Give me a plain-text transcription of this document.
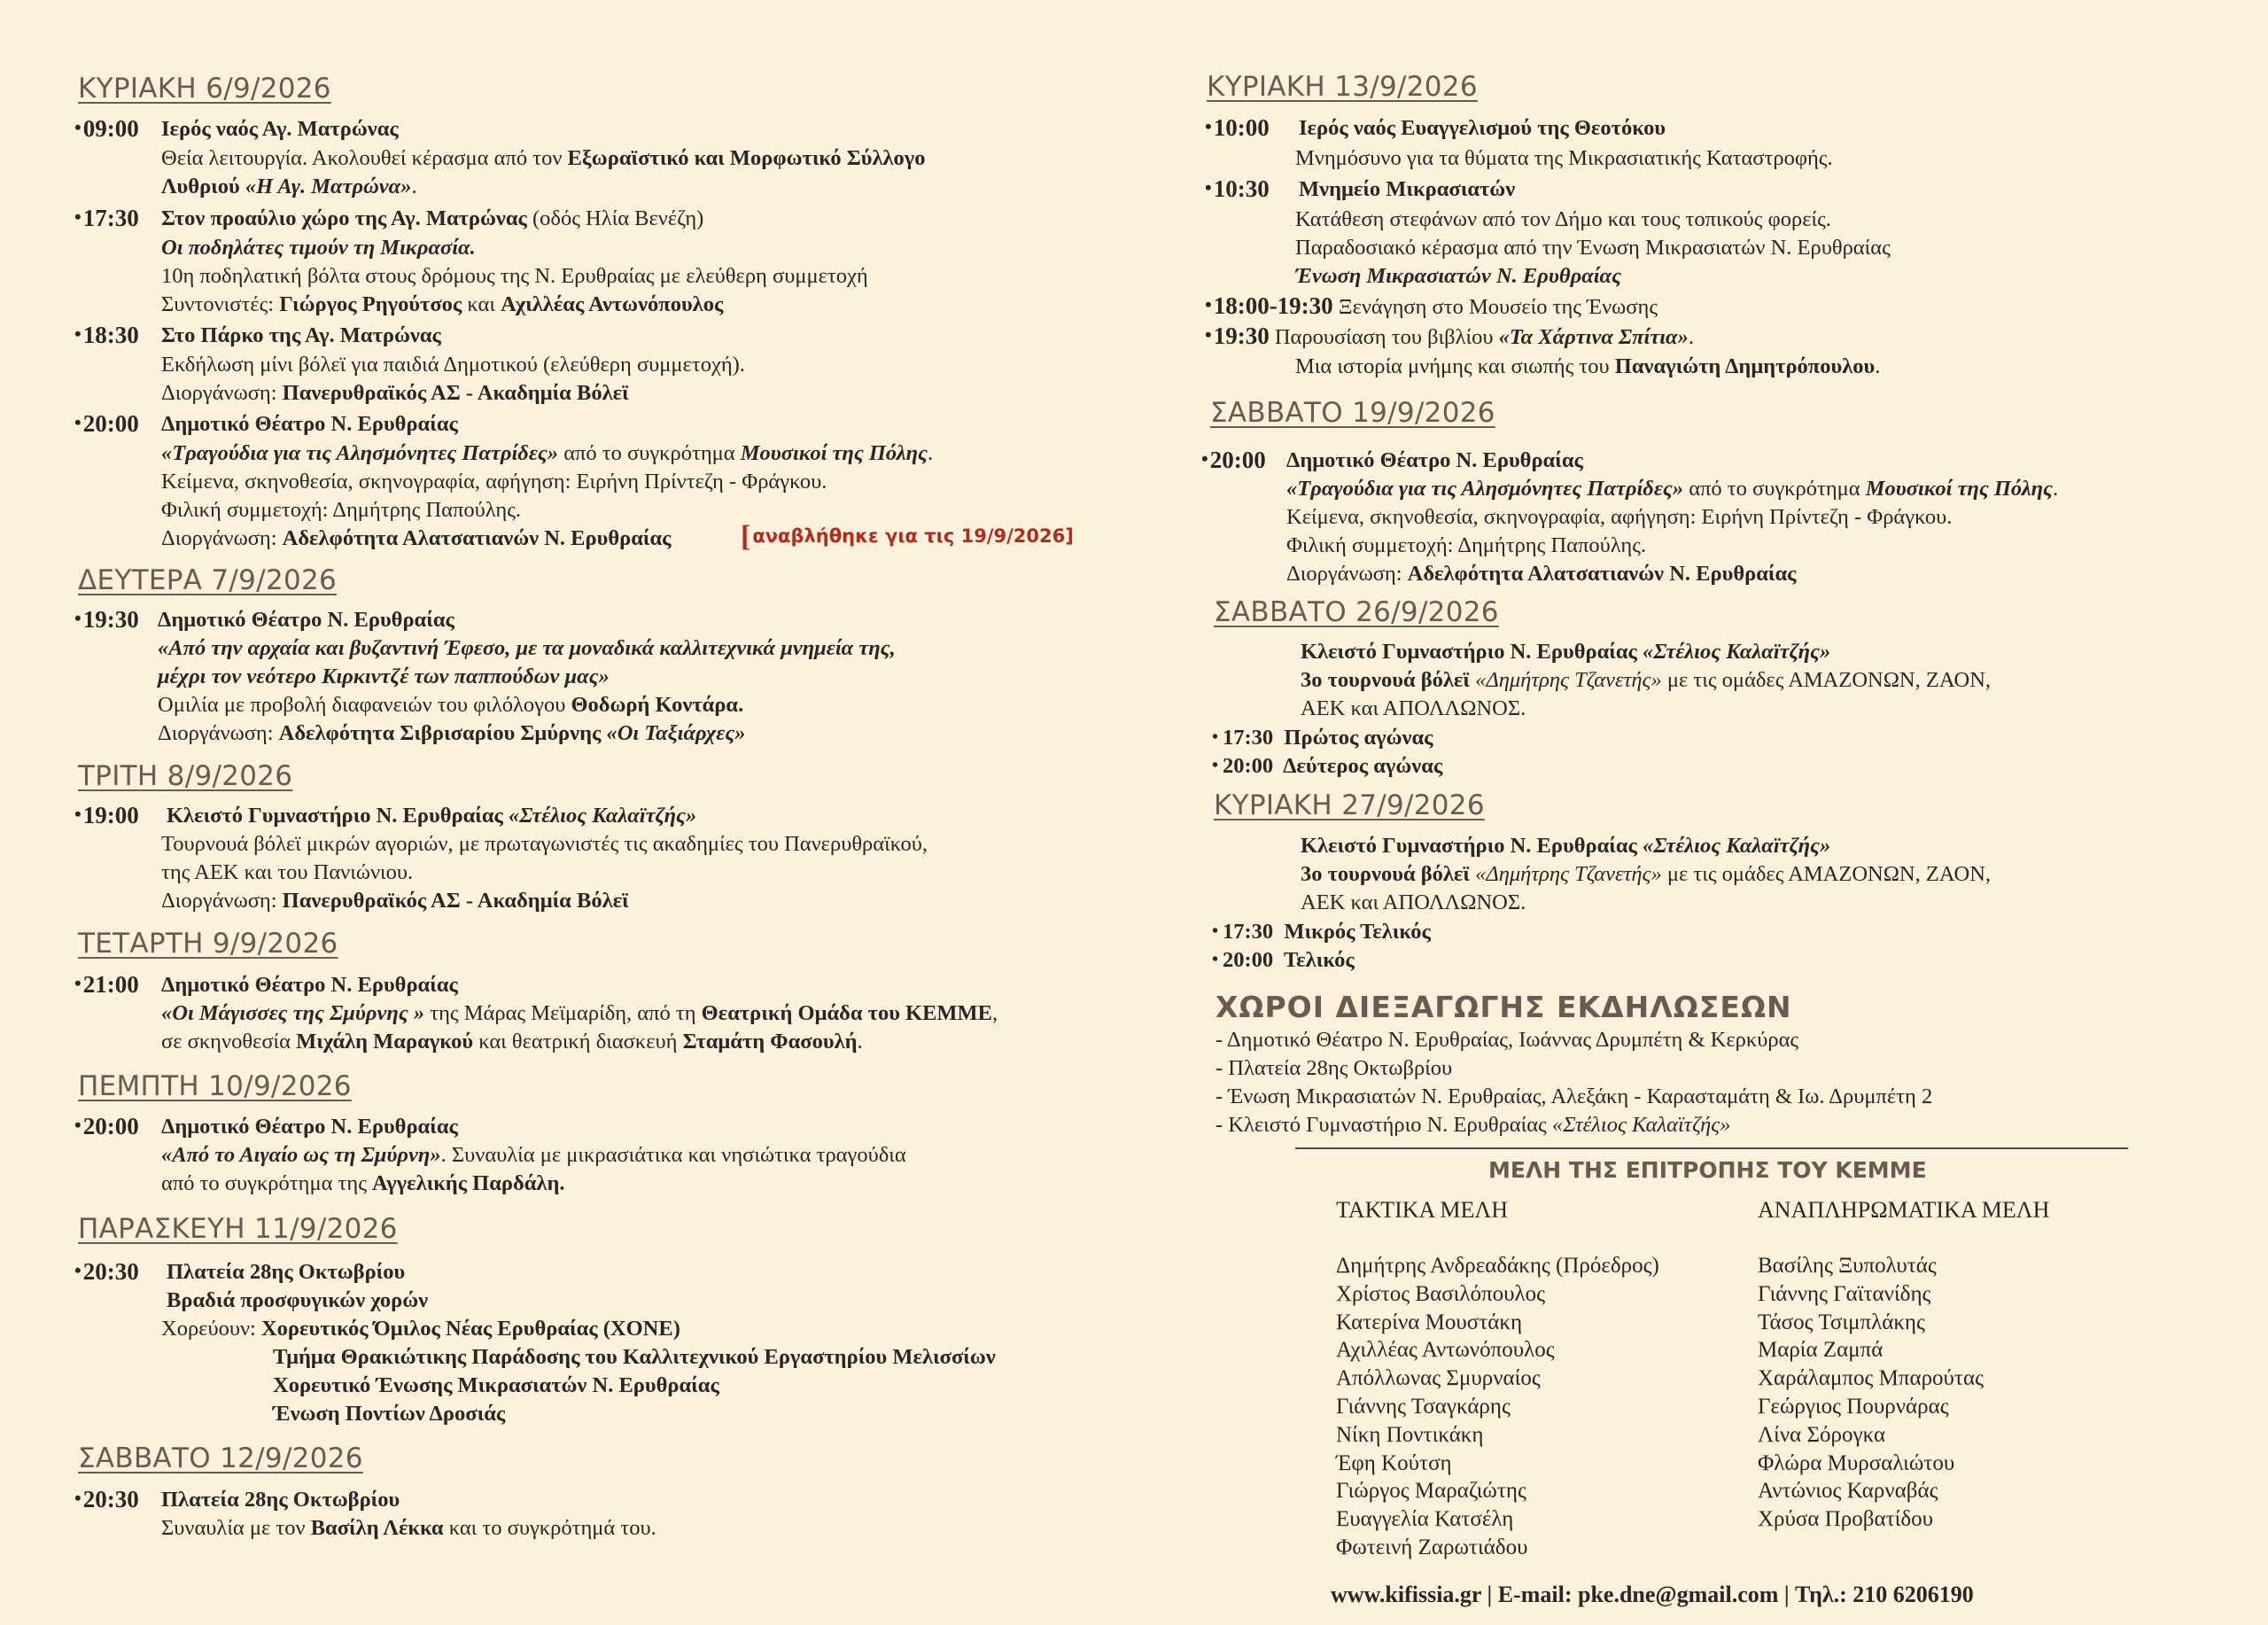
ΚΥΡΙΑΚΗ 6/9/2026
•09:00 Ιερός ναός Αγ. Ματρώνας
Θεία λειτουργία. Ακολουθεί κέρασμα από τον Εξωραϊστικό και Μορφωτικό Σύλλογο
Λυθριού «Η Αγ. Ματρώνα».
•17:30 Στον προαύλιο χώρο της Αγ. Ματρώνας (οδός Ηλία Βενέζη)
Οι ποδηλάτες τιμούν τη Μικρασία.
10η ποδηλατική βόλτα στους δρόμους της Ν. Ερυθραίας με ελεύθερη συμμετοχή
Συντονιστές: Γιώργος Ρηγούτσος και Αχιλλέας Αντωνόπουλος
•18:30 Στο Πάρκο της Αγ. Ματρώνας
Εκδήλωση μίνι βόλεϊ για παιδιά Δημοτικού (ελεύθερη συμμετοχή).
Διοργάνωση: Πανερυθραϊκός ΑΣ - Ακαδημία Βόλεϊ
•20:00 Δημοτικό Θέατρο Ν. Ερυθραίας
«Τραγούδια για τις Αλησμόνητες Πατρίδες» από το συγκρότημα Μουσικοί της Πόλης.
Κείμενα, σκηνοθεσία, σκηνογραφία, αφήγηση: Ειρήνη Πρίντεζη - Φράγκου.
Φιλική συμμετοχή: Δημήτρης Παπούλης.
Διοργάνωση: Αδελφότητα Αλατσατιανών Ν. Ερυθραίας [αναβλήθηκε για τις 19/9/2026]
ΔΕΥΤΕΡΑ 7/9/2026
•19:30 Δημοτικό Θέατρο Ν. Ερυθραίας
«Από την αρχαία και βυζαντινή Έφεσο, με τα μοναδικά καλλιτεχνικά μνημεία της,
μέχρι τον νεότερο Κιρκιντζέ των παππούδων μας»
Ομιλία με προβολή διαφανειών του φιλόλογου Θοδωρή Κοντάρα.
Διοργάνωση: Αδελφότητα Σιβρισαρίου Σμύρνης «Οι Ταξιάρχες»
ΤΡΙΤΗ 8/9/2026
•19:00 Κλειστό Γυμναστήριο Ν. Ερυθραίας «Στέλιος Καλαϊτζής»
Τουρνουά βόλεϊ μικρών αγοριών, με πρωταγωνιστές τις ακαδημίες του Πανερυθραϊκού,
της ΑΕΚ και του Πανιώνιου.
Διοργάνωση: Πανερυθραϊκός ΑΣ - Ακαδημία Βόλεϊ
ΤΕΤΑΡΤΗ 9/9/2026
•21:00 Δημοτικό Θέατρο Ν. Ερυθραίας
«Οι Μάγισσες της Σμύρνης » της Μάρας Μεϊμαρίδη, από τη Θεατρική Ομάδα του ΚΕΜΜΕ,
σε σκηνοθεσία Μιχάλη Μαραγκού και θεατρική διασκευή Σταμάτη Φασουλή.
ΠΕΜΠΤΗ 10/9/2026
•20:00 Δημοτικό Θέατρο Ν. Ερυθραίας
«Από το Αιγαίο ως τη Σμύρνη». Συναυλία με μικρασιάτικα και νησιώτικα τραγούδια
από το συγκρότημα της Αγγελικής Παρδάλη.
ΠΑΡΑΣΚΕΥΗ 11/9/2026
•20:30 Πλατεία 28ης Οκτωβρίου
Βραδιά προσφυγικών χορών
Χορεύουν: Χορευτικός Όμιλος Νέας Ερυθραίας (ΧΟΝΕ)
Τμήμα Θρακιώτικης Παράδοσης του Καλλιτεχνικού Εργαστηρίου Μελισσίων
Χορευτικό Ένωσης Μικρασιατών Ν. Ερυθραίας
Ένωση Ποντίων Δροσιάς
ΣΑΒΒΑΤΟ 12/9/2026
•20:30 Πλατεία 28ης Οκτωβρίου
Συναυλία με τον Βασίλη Λέκκα και το συγκρότημά του.
ΚΥΡΙΑΚΗ 13/9/2026
•10:00 Ιερός ναός Ευαγγελισμού της Θεοτόκου
Μνημόσυνο για τα θύματα της Μικρασιατικής Καταστροφής.
•10:30 Μνημείο Μικρασιατών
Κατάθεση στεφάνων από τον Δήμο και τους τοπικούς φορείς.
Παραδοσιακό κέρασμα από την Ένωση Μικρασιατών Ν. Ερυθραίας
Ένωση Μικρασιατών Ν. Ερυθραίας
•18:00-19:30 Ξενάγηση στο Μουσείο της Ένωσης
•19:30 Παρουσίαση του βιβλίου «Τα Χάρτινα Σπίτια».
Μια ιστορία μνήμης και σιωπής του Παναγιώτη Δημητρόπουλου.
ΣΑΒΒΑΤΟ 19/9/2026
•20:00 Δημοτικό Θέατρο Ν. Ερυθραίας
«Τραγούδια για τις Αλησμόνητες Πατρίδες» από το συγκρότημα Μουσικοί της Πόλης.
Κείμενα, σκηνοθεσία, σκηνογραφία, αφήγηση: Ειρήνη Πρίντεζη - Φράγκου.
Φιλική συμμετοχή: Δημήτρης Παπούλης.
Διοργάνωση: Αδελφότητα Αλατσατιανών Ν. Ερυθραίας
ΣΑΒΒΑΤΟ 26/9/2026
Κλειστό Γυμναστήριο Ν. Ερυθραίας «Στέλιος Καλαϊτζής»
3ο τουρνουά βόλεϊ «Δημήτρης Τζανετής» με τις ομάδες ΑΜΑΖΟΝΩΝ, ΖΑΟΝ,
ΑΕΚ και ΑΠΟΛΛΩΝΟΣ.
• 17:30  Πρώτος αγώνας
• 20:00  Δεύτερος αγώνας
ΚΥΡΙΑΚΗ 27/9/2026
Κλειστό Γυμναστήριο Ν. Ερυθραίας «Στέλιος Καλαϊτζής»
3ο τουρνουά βόλεϊ «Δημήτρης Τζανετής» με τις ομάδες ΑΜΑΖΟΝΩΝ, ΖΑΟΝ,
ΑΕΚ και ΑΠΟΛΛΩΝΟΣ.
• 17:30  Μικρός Τελικός
• 20:00  Τελικός
ΧΩΡΟΙ ΔΙΕΞΑΓΩΓΗΣ ΕΚΔΗΛΩΣΕΩΝ
- Δημοτικό Θέατρο Ν. Ερυθραίας, Ιωάννας Δρυμπέτη & Κερκύρας
- Πλατεία 28ης Οκτωβρίου
- Ένωση Μικρασιατών Ν. Ερυθραίας, Αλεξάκη - Καρασταμάτη & Ιω. Δρυμπέτη 2
- Κλειστό Γυμναστήριο Ν. Ερυθραίας «Στέλιος Καλαϊτζής»
ΜΕΛΗ ΤΗΣ ΕΠΙΤΡΟΠΗΣ ΤΟΥ ΚΕΜΜΕ
ΤΑΚΤΙΚΑ ΜΕΛΗ	ΑΝΑΠΛΗΡΩΜΑΤΙΚΑ ΜΕΛΗ
Δημήτρης Ανδρεαδάκης (Πρόεδρος)
Χρίστος Βασιλόπουλος
Κατερίνα Μουστάκη
Αχιλλέας Αντωνόπουλος
Απόλλωνας Σμυρναίος
Γιάννης Τσαγκάρης
Νίκη Ποντικάκη
Έφη Κούτση
Γιώργος Μαραζιώτης
Ευαγγελία Κατσέλη
Φωτεινή Ζαρωτιάδου
Βασίλης Ξυπολυτάς
Γιάννης Γαϊτανίδης
Τάσος Τσιμπλάκης
Μαρία Ζαμπά
Χαράλαμπος Μπαρούτας
Γεώργιος Πουρνάρας
Λίνα Σόρογκα
Φλώρα Μυρσαλιώτου
Αντώνιος Καρναβάς
Χρύσα Προβατίδου
www.kifissia.gr | E-mail: pke.dne@gmail.com | Τηλ.: 210 6206190
